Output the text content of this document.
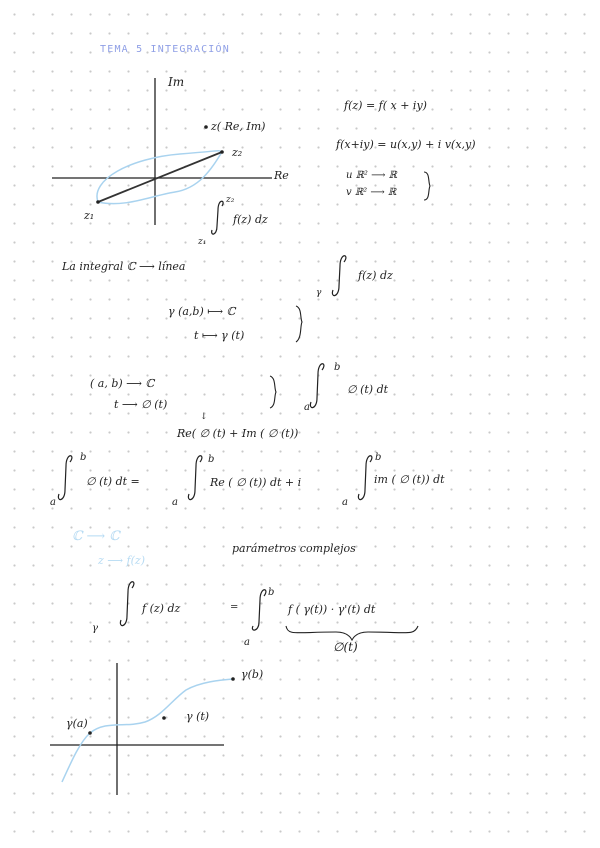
TEMA 5 INTEGRACIÓN
Im
z( Re, Im)
z₂
z₁
Re
z₂
z₁
f(z) dz
f(z) = f( x + iy)
f(x+iy) = u(x,y) + i v(x,y)
u ℝ² ⟶ ℝ
v ℝ² ⟶ ℝ
La integral ℂ ⟶ línea
γ
f(z) dz
γ (a,b) ⟼ ℂ
t ⟼ γ (t)
( a, b) ⟶ ℂ
t ⟶ ∅ (t)
↓
Re( ∅ (t) + Im ( ∅ (t))
b
a
∅ (t) dt
b
a
∅ (t) dt =
b
a
Re ( ∅ (t)) dt + i
b
a
im ( ∅ (t)) dt
ℂ ⟶ ℂ
z ⟶ f(z)
parámetros complejos
γ
f (z) dz	=
b
a
f ( γ(t)) · γ'(t) dt
∅(t)
γ(b)
γ (t)
γ(a)
